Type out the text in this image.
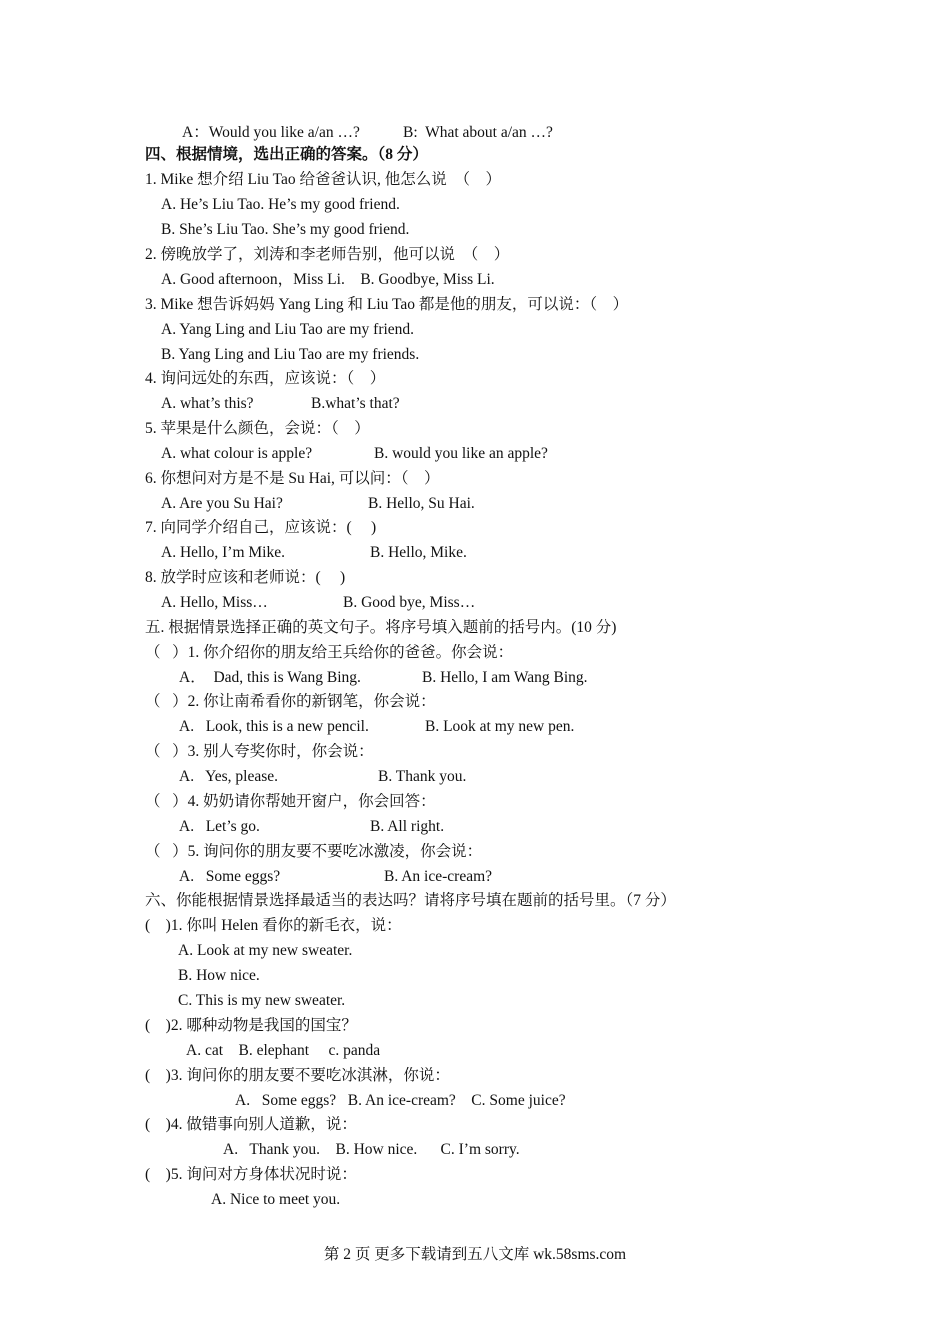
A：Would you like a/an …?	B:  What about a/an …?
四、根据情境，选出正确的答案。（8 分）
1. Mike 想介绍 Liu Tao 给爸爸认识, 他怎么说  （    ）
A. He’s Liu Tao. He’s my good friend.
B. She’s Liu Tao. She’s my good friend.
2. 傍晚放学了，刘涛和李老师告别，他可以说  （    ）
A. Good afternoon，Miss Li.    B. Goodbye, Miss Li.
3. Mike 想告诉妈妈 Yang Ling 和 Liu Tao 都是他的朋友，可以说：（    ）
A. Yang Ling and Liu Tao are my friend.
B. Yang Ling and Liu Tao are my friends.
4. 询问远处的东西，应该说：（    ）
A. what’s this?	B.what’s that?
5. 苹果是什么颜色，会说：（    ）
A. what colour is apple?	B. would you like an apple?
6. 你想问对方是不是 Su Hai, 可以问：（    ）
A. Are you Su Hai?	B. Hello, Su Hai.
7. 向同学介绍自己，应该说：(     )
A. Hello, I’m Mike.	B. Hello, Mike.
8. 放学时应该和老师说：(     )
A. Hello, Miss…	B. Good bye, Miss…
五. 根据情景选择正确的英文句子。将序号填入题前的括号内。(10 分)
（   ）1. 你介绍你的朋友给王兵给你的爸爸。你会说：
A．  Dad, this is Wang Bing.	B. Hello, I am Wang Bing.
（   ）2. 你让南希看你的新钢笔，你会说：
A.   Look, this is a new pencil.	B. Look at my new pen.
（   ）3. 别人夸奖你时，你会说：
A.   Yes, please.	B. Thank you.
（   ）4. 奶奶请你帮她开窗户，你会回答：
A.   Let’s go.	B. All right.
（   ）5. 询问你的朋友要不要吃冰激凌，你会说：
A.   Some eggs?	B. An ice-cream?
六、你能根据情景选择最适当的表达吗？请将序号填在题前的括号里。（7 分）
(    )1. 你叫 Helen 看你的新毛衣，说：
A. Look at my new sweater.
B. How nice.
C. This is my new sweater.
(    )2. 哪种动物是我国的国宝？
A. cat    B. elephant     c. panda
(    )3. 询问你的朋友要不要吃冰淇淋，你说：
A.   Some eggs?   B. An ice-cream?    C. Some juice?
(    )4. 做错事向别人道歉，说：
A.   Thank you.    B. How nice.      C. I’m sorry.
(    )5. 询问对方身体状况时说：
A. Nice to meet you.
第 2 页 更多下载请到五八文库 wk.58sms.com
